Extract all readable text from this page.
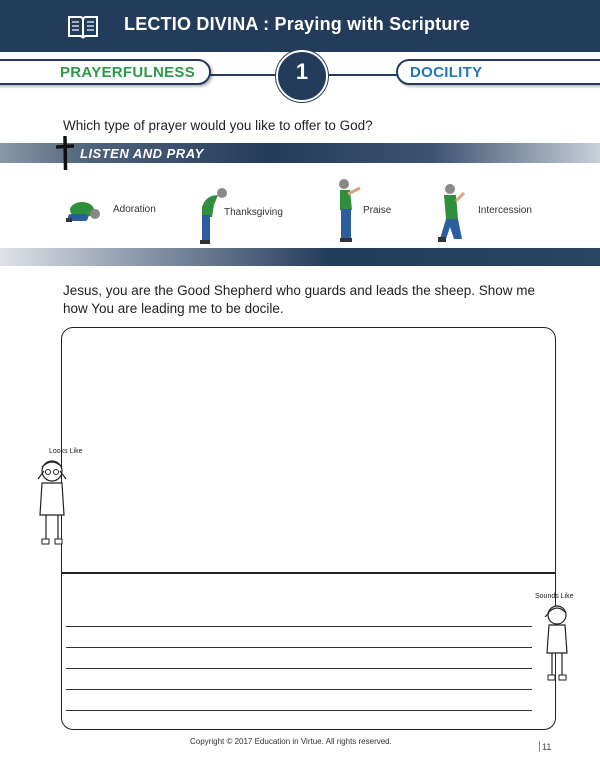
LECTIO DIVINA : Praying with Scripture
PRAYERFULNESS	DOCILITY
1
Which type of prayer would you like to offer to God?
LISTEN AND PRAY
Adoration	Thanksgiving	Praise	Intercession
Jesus, you are the Good Shepherd who guards and leads the sheep. Show me how You are leading me to be docile.
Looks Like
Sounds Like
Copyright © 2017 Education in Virtue. All rights reserved.
11
